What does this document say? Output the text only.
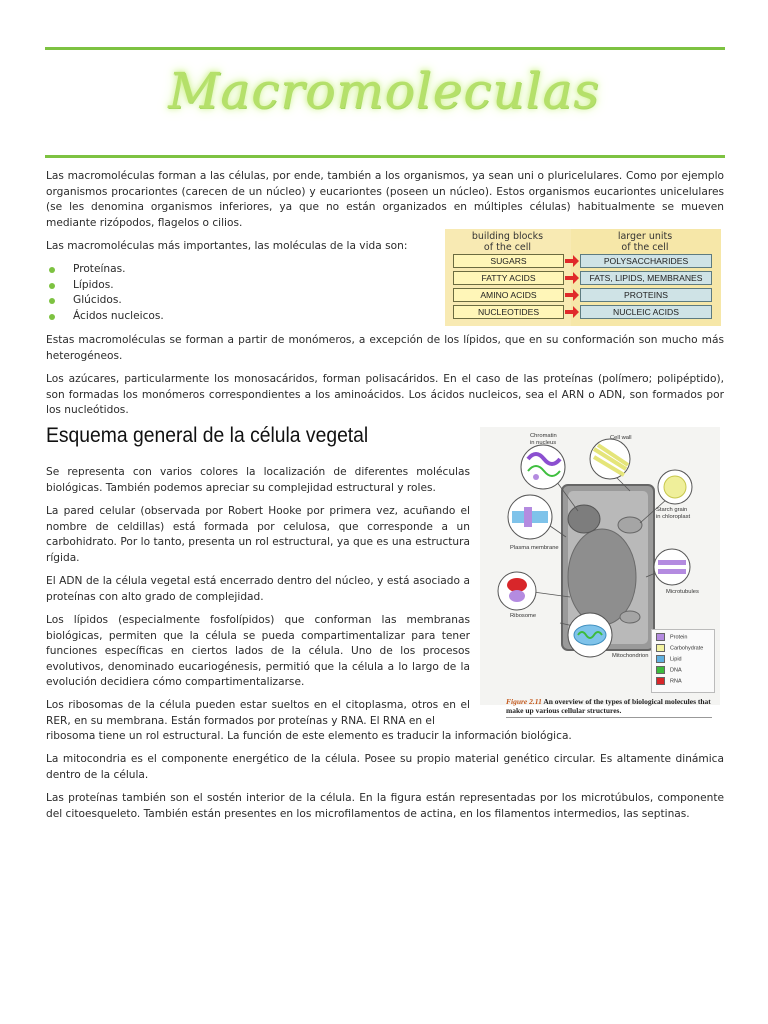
Macromoleculas

Las macromoléculas forman a las células, por ende, también a los organismos, ya sean uni o pluricelulares. Como por ejemplo organismos procariontes (carecen de un núcleo) y eucariontes (poseen un núcleo). Estos organismos eucariontes unicelulares (se les denomina organismos inferiores, ya que no están organizados en múltiples células) habitualmente se mueven mediante rizópodos, flagelos o cilios.

Las macromoléculas más importantes, las moléculas de la vida son:

Proteínas.
Lípidos.
Glúcidos.
Ácidos nucleicos.
building blocks
of the cell
larger units
of the cell
SUGARS
FATTY ACIDS
AMINO ACIDS
NUCLEOTIDES
POLYSACCHARIDES
FATS, LIPIDS, MEMBRANES
PROTEINS
NUCLEIC ACIDS

Estas macromoléculas se forman a partir de monómeros, a excepción de los lípidos, que en su conformación son mucho más heterogéneos.

Los azúcares, particularmente los monosacáridos, forman polisacáridos. En el caso de las proteínas (polímero; polipéptido), son formadas los monómeros correspondientes a los aminoácidos. Los ácidos nucleicos, sea el ARN o ADN, son formados por los nucleótidos.

Esquema general de la célula vegetal

Se representa con varios colores la localización de diferentes moléculas biológicas. También podemos apreciar su complejidad estructural y roles.

La pared celular (observada por Robert Hooke por primera vez, acuñando el nombre de celdillas) está formada por celulosa, que corresponde a un carbohidrato. Por lo tanto, presenta un rol estructural, ya que es una estructura rígida.

El ADN de la célula vegetal está encerrado dentro del núcleo, y está asociado a proteínas con alto grado de complejidad.

Los lípidos (especialmente fosfolípidos) que conforman las membranas biológicas, permiten que la célula se pueda compartimentalizar para tener funciones específicas en ciertos lados de la célula. Uno de los procesos evolutivos, denominado eucariogénesis, permitió que la célula a lo largo de la evolución decidiera cómo compartimentalizarse.

Los ribosomas de la célula pueden estar sueltos en el citoplasma, otros en el RER, en su membrana. Están formados por proteínas y RNA. El RNA en el

ribosoma tiene un rol estructural. La función de este elemento es traducir la información biológica.

La mitocondria es el componente energético de la célula. Posee su propio material genético circular. Es altamente dinámica dentro de la célula.

Las proteínas también son el sostén interior de la célula. En la figura están representadas por los microtúbulos, componente del citoesqueleto. También están presentes en los microfilamentos de actina, en los filamentos intermedios, las septinas.

Chromatin
in nucleus
Cell wall
Starch grain
in chloroplast
Plasma membrane
Ribosome
Microtubules
Mitochondrion
Protein
Carbohydrate
Lipid
DNA
RNA
Figure 2.11 An overview of the types of biological molecules that make up various cellular structures.
